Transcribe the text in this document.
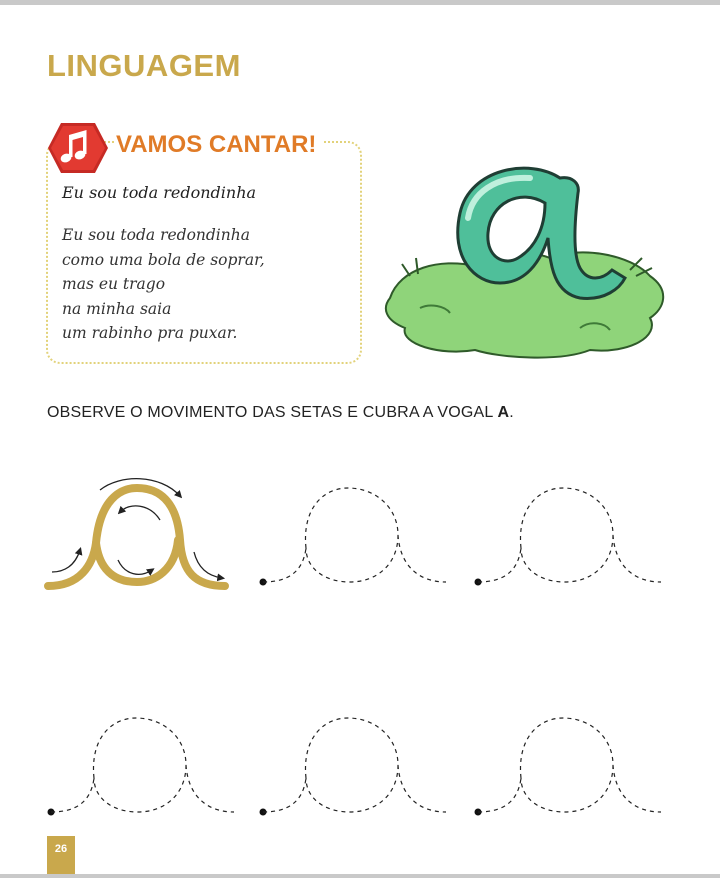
LINGUAGEM
VAMOS CANTAR!
Eu sou toda redondinha
Eu sou toda redondinha
como uma bola de soprar,
mas eu trago
na minha saia
um rabinho pra puxar.
OBSERVE O MOVIMENTO DAS SETAS E CUBRA A VOGAL A.
26
